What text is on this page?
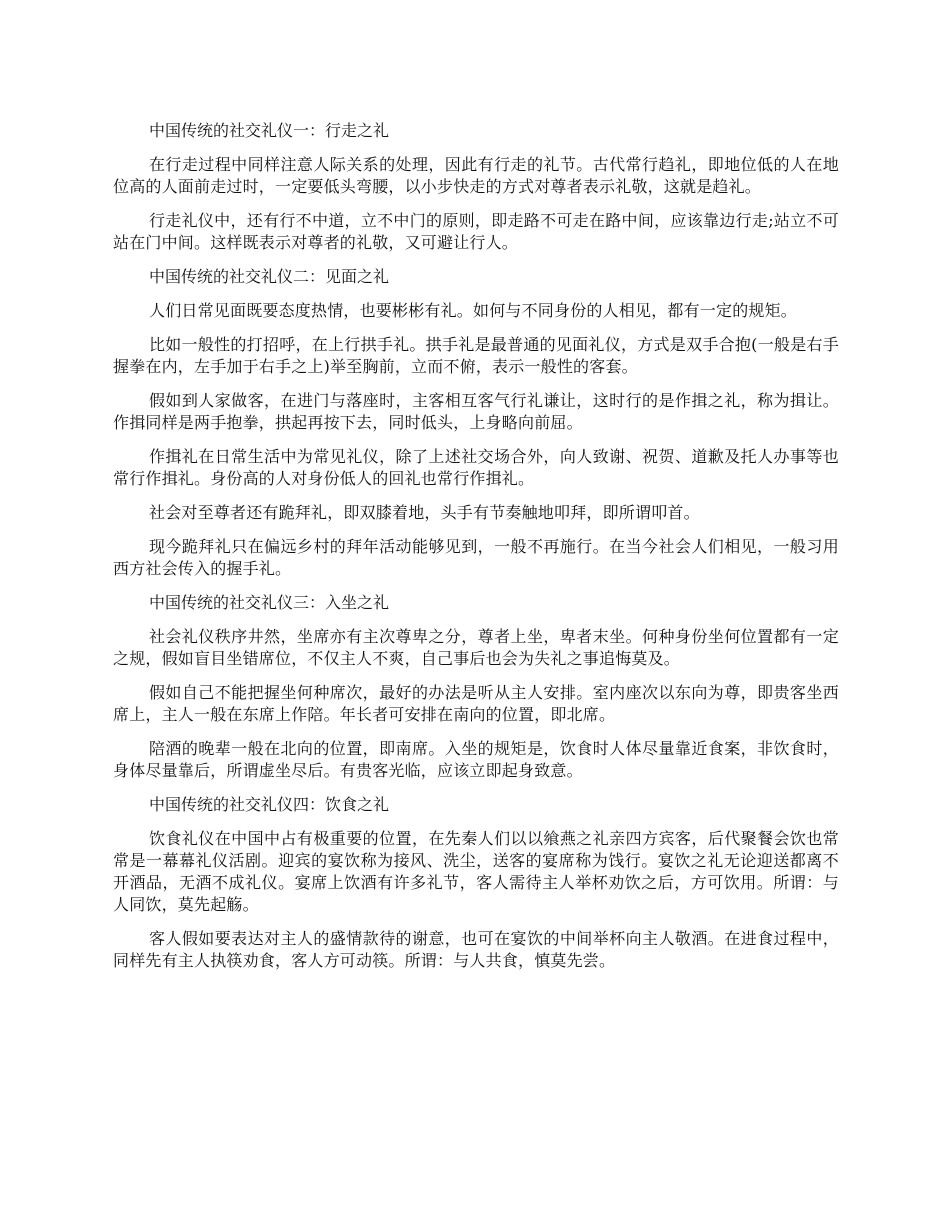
中国传统的社交礼仪一：行走之礼

在行走过程中同样注意人际关系的处理，因此有行走的礼节。古代常行趋礼，即地位低的人在地位高的人面前走过时，一定要低头弯腰，以小步快走的方式对尊者表示礼敬，这就是趋礼。

行走礼仪中，还有行不中道，立不中门的原则，即走路不可走在路中间，应该靠边行走;站立不可站在门中间。这样既表示对尊者的礼敬，又可避让行人。

中国传统的社交礼仪二：见面之礼

人们日常见面既要态度热情，也要彬彬有礼。如何与不同身份的人相见，都有一定的规矩。

比如一般性的打招呼，在上行拱手礼。拱手礼是最普通的见面礼仪，方式是双手合抱(一般是右手握拳在内，左手加于右手之上)举至胸前，立而不俯，表示一般性的客套。

假如到人家做客，在进门与落座时，主客相互客气行礼谦让，这时行的是作揖之礼，称为揖让。作揖同样是两手抱拳，拱起再按下去，同时低头，上身略向前屈。

作揖礼在日常生活中为常见礼仪，除了上述社交场合外，向人致谢、祝贺、道歉及托人办事等也常行作揖礼。身份高的人对身份低人的回礼也常行作揖礼。

社会对至尊者还有跪拜礼，即双膝着地，头手有节奏触地叩拜，即所谓叩首。

现今跪拜礼只在偏远乡村的拜年活动能够见到，一般不再施行。在当今社会人们相见，一般习用西方社会传入的握手礼。

中国传统的社交礼仪三：入坐之礼

社会礼仪秩序井然，坐席亦有主次尊卑之分，尊者上坐，卑者末坐。何种身份坐何位置都有一定之规，假如盲目坐错席位，不仅主人不爽，自己事后也会为失礼之事追悔莫及。

假如自己不能把握坐何种席次，最好的办法是听从主人安排。室内座次以东向为尊，即贵客坐西席上，主人一般在东席上作陪。年长者可安排在南向的位置，即北席。

陪酒的晚辈一般在北向的位置，即南席。入坐的规矩是，饮食时人体尽量靠近食案，非饮食时，身体尽量靠后，所谓虚坐尽后。有贵客光临，应该立即起身致意。

中国传统的社交礼仪四：饮食之礼

饮食礼仪在中国中占有极重要的位置，在先秦人们以以飨燕之礼亲四方宾客，后代聚餐会饮也常常是一幕幕礼仪活剧。迎宾的宴饮称为接风、洗尘，送客的宴席称为饯行。宴饮之礼无论迎送都离不开酒品，无酒不成礼仪。宴席上饮酒有许多礼节，客人需待主人举杯劝饮之后，方可饮用。所谓：与人同饮，莫先起觞。

客人假如要表达对主人的盛情款待的谢意，也可在宴饮的中间举杯向主人敬酒。在进食过程中，同样先有主人执筷劝食，客人方可动筷。所谓：与人共食，慎莫先尝。
